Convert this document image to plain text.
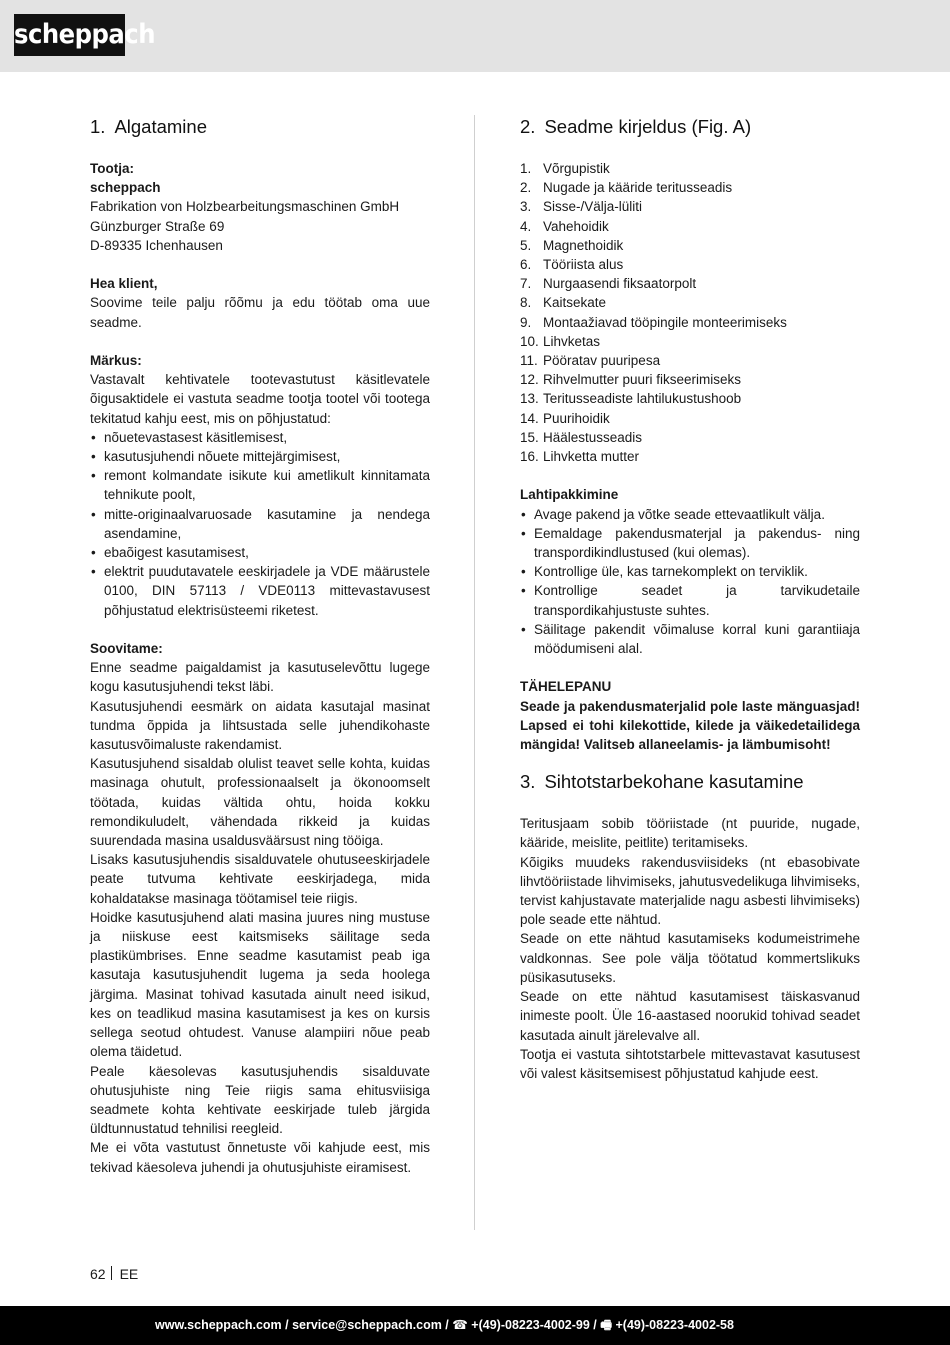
scheppach
1. Algatamine

Tootja:

scheppach

Fabrikation von Holzbearbeitungsmaschinen GmbH

Günzburger Straße 69

D-89335 Ichenhausen

Hea klient,

Soovime teile palju rõõmu ja edu töötab oma uue seadme.

Märkus:

Vastavalt kehtivatele tootevastutust käsitlevatele õigusaktidele ei vastuta seadme tootja tootel või tootega tekitatud kahju eest, mis on põhjustatud:

• nõuetevastasest käsitlemisest,
• kasutusjuhendi nõuete mittejärgimisest,
• remont kolmandate isikute kui ametlikult kinnitamata tehnikute poolt,
• mitte-originaalvaruosade kasutamine ja nendega asendamine,
• ebaõigest kasutamisest,
• elektrit puudutavatele eeskirjadele ja VDE määrustele 0100, DIN 57113 / VDE0113 mittevastavusest põhjustatud elektrisüsteemi riketest.

Soovitame:

Enne seadme paigaldamist ja kasutuselevõttu lugege kogu kasutusjuhendi tekst läbi.

Kasutusjuhendi eesmärk on aidata kasutajal masinat tundma õppida ja lihtsustada selle juhendikohaste kasutusvõimaluste rakendamist.

Kasutusjuhend sisaldab olulist teavet selle kohta, kuidas masinaga ohutult, professionaalselt ja ökonoomselt töötada, kuidas vältida ohtu, hoida kokku remondikuludelt, vähendada rikkeid ja kuidas suurendada masina usaldusväärsust ning tööiga.

Lisaks kasutusjuhendis sisalduvatele ohutuseeskirjadele peate tutvuma kehtivate eeskirjadega, mida kohaldatakse masinaga töötamisel teie riigis.

Hoidke kasutusjuhend alati masina juures ning mustuse ja niiskuse eest kaitsmiseks säilitage seda plastikümbrises. Enne seadme kasutamist peab iga kasutaja kasutusjuhendit lugema ja seda hoolega järgima. Masinat tohivad kasutada ainult need isikud, kes on teadlikud masina kasutamisest ja kes on kursis sellega seotud ohtudest. Vanuse alampiiri nõue peab olema täidetud.

Peale käesolevas kasutusjuhendis sisalduvate ohutusjuhiste ning Teie riigis sama ehitusviisiga seadmete kohta kehtivate eeskirjade tuleb järgida üldtunnustatud tehnilisi reegleid.

Me ei võta vastutust õnnetuste või kahjude eest, mis tekivad käesoleva juhendi ja ohutusjuhiste eiramisest.

2. Seadme kirjeldus (Fig. A)
1. Võrgupistik
2. Nugade ja kääride teritusseadis
3. Sisse-/Välja-lüliti
4. Vahehoidik
5. Magnethoidik
6. Tööriista alus
7. Nurgaasendi fiksaatorpolt
8. Kaitsekate
9. Montaažiavad tööpingile monteerimiseks
10. Lihvketas
11. Pööratav puuripesa
12. Rihvelmutter puuri fikseerimiseks
13. Teritusseadiste lahtilukustushoob
14. Puurihoidik
15. Häälestusseadis
16. Lihvketta mutter

Lahtipakkimine

• Avage pakend ja võtke seade ettevaatlikult välja.
• Eemaldage pakendusmaterjal ja pakendus- ning transpordikindlustused (kui olemas).
• Kontrollige üle, kas tarnekomplekt on terviklik.
• Kontrollige seadet ja tarvikudetaile transpordikahjustuste suhtes.
• Säilitage pakendit võimaluse korral kuni garantiiaja möödumiseni alal.

TÄHELEPANU

Seade ja pakendusmaterjalid pole laste mänguasjad! Lapsed ei tohi kilekottide, kilede ja väikedetailidega mängida! Valitseb allaneelamis- ja lämbumisoht!

3. Sihtotstarbekohane kasutamine

Teritusjaam sobib tööriistade (nt puuride, nugade, kääride, meislite, peitlite) teritamiseks.

Kõigiks muudeks rakendusviisideks (nt ebasobivate lihvtööriistade lihvimiseks, jahutusvedelikuga lihvimiseks, tervist kahjustavate materjalide nagu asbesti lihvimiseks) pole seade ette nähtud.

Seade on ette nähtud kasutamiseks kodumeistrimehe valdkonnas. See pole välja töötatud kommertslikuks püsikasutuseks.

Seade on ette nähtud kasutamisest täiskasvanud inimeste poolt. Üle 16-aastased noorukid tohivad seadet kasutada ainult järelevalve all.

Tootja ei vastuta sihtotstarbele mittevastavat kasutusest või valest käsitsemisest põhjustatud kahjude eest.

62 EE
www.scheppach.com / service@scheppach.com / ☎ +(49)-08223-4002-99 / 🖷 +(49)-08223-4002-58
